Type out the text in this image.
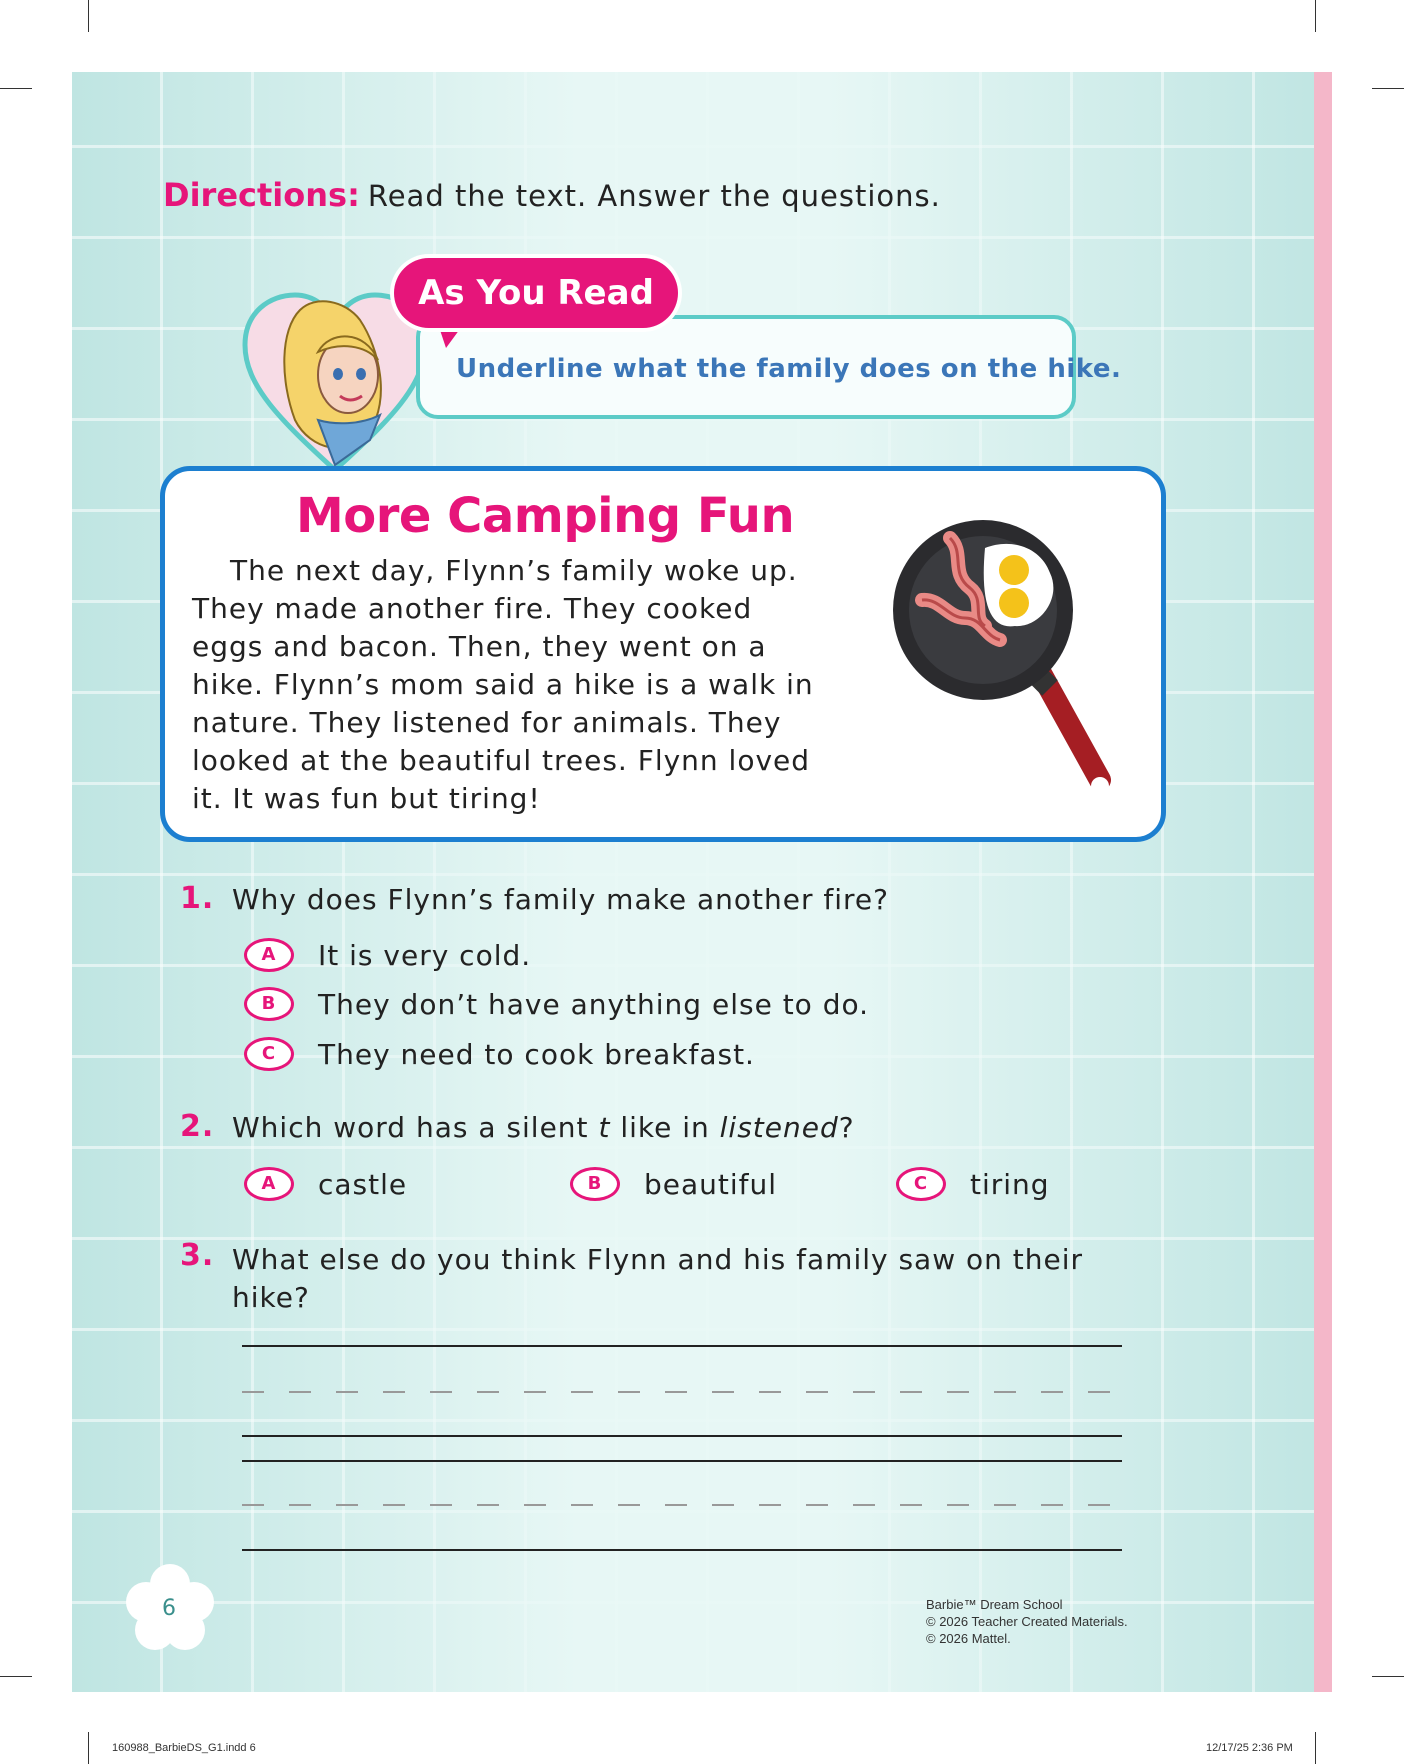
Directions: Read the text. Answer the questions.
As You Read
Underline what the family does on the hike.
More Camping Fun
The next day, Flynn’s family woke up.
They made another fire. They cooked
eggs and bacon. Then, they went on a
hike. Flynn’s mom said a hike is a walk in
nature. They listened for animals. They
looked at the beautiful trees. Flynn loved
it. It was fun but tiring!
1. Why does Flynn’s family make another fire?
A	It is very cold.
B	They don’t have anything else to do.
C	They need to cook breakfast.
2. Which word has a silent t like in listened?
A	castle	B	beautiful	C	tiring
3. What else do you think Flynn and his family saw on their
hike?
6	Barbie™ Dream School
© 2026 Teacher Created Materials.
© 2026 Mattel.
160988_BarbieDS_G1.indd 6	12/17/25 2:36 PM
